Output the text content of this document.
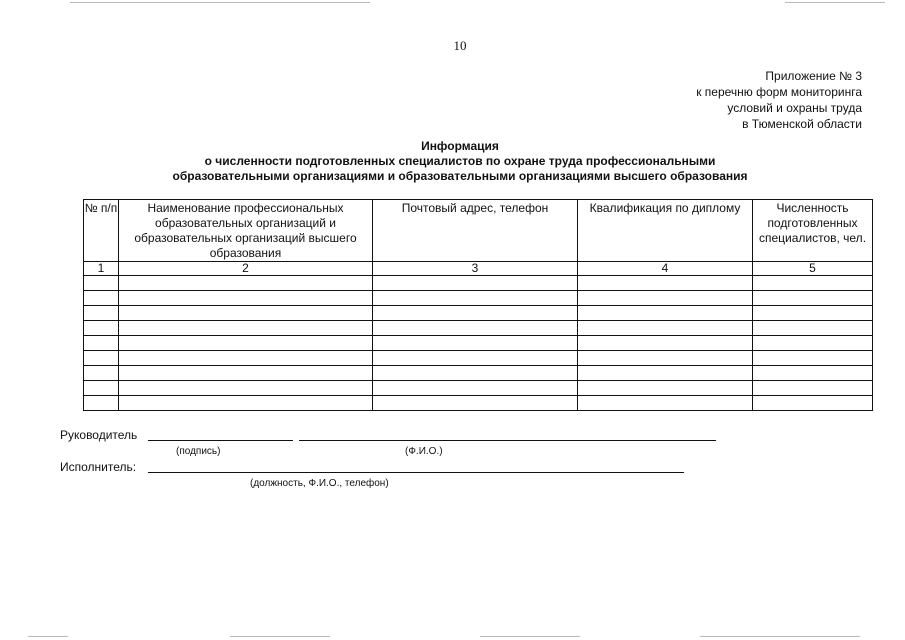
10
Приложение № 3
к перечню форм мониторинга
условий и охраны труда
в Тюменской области
Информация
о численности подготовленных специалистов по охране труда профессиональными
образовательными организациями и образовательными организациями высшего образования
№ п/п	Наименование профессиональных образовательных организаций и образовательных организаций высшего образования	Почтовый адрес, телефон	Квалификация по диплому	Численность подготовленных специалистов, чел.
1	2	3	4	5

Руководитель
(подпись)	(Ф.И.О.)
Исполнитель:
(должность, Ф.И.О., телефон)
